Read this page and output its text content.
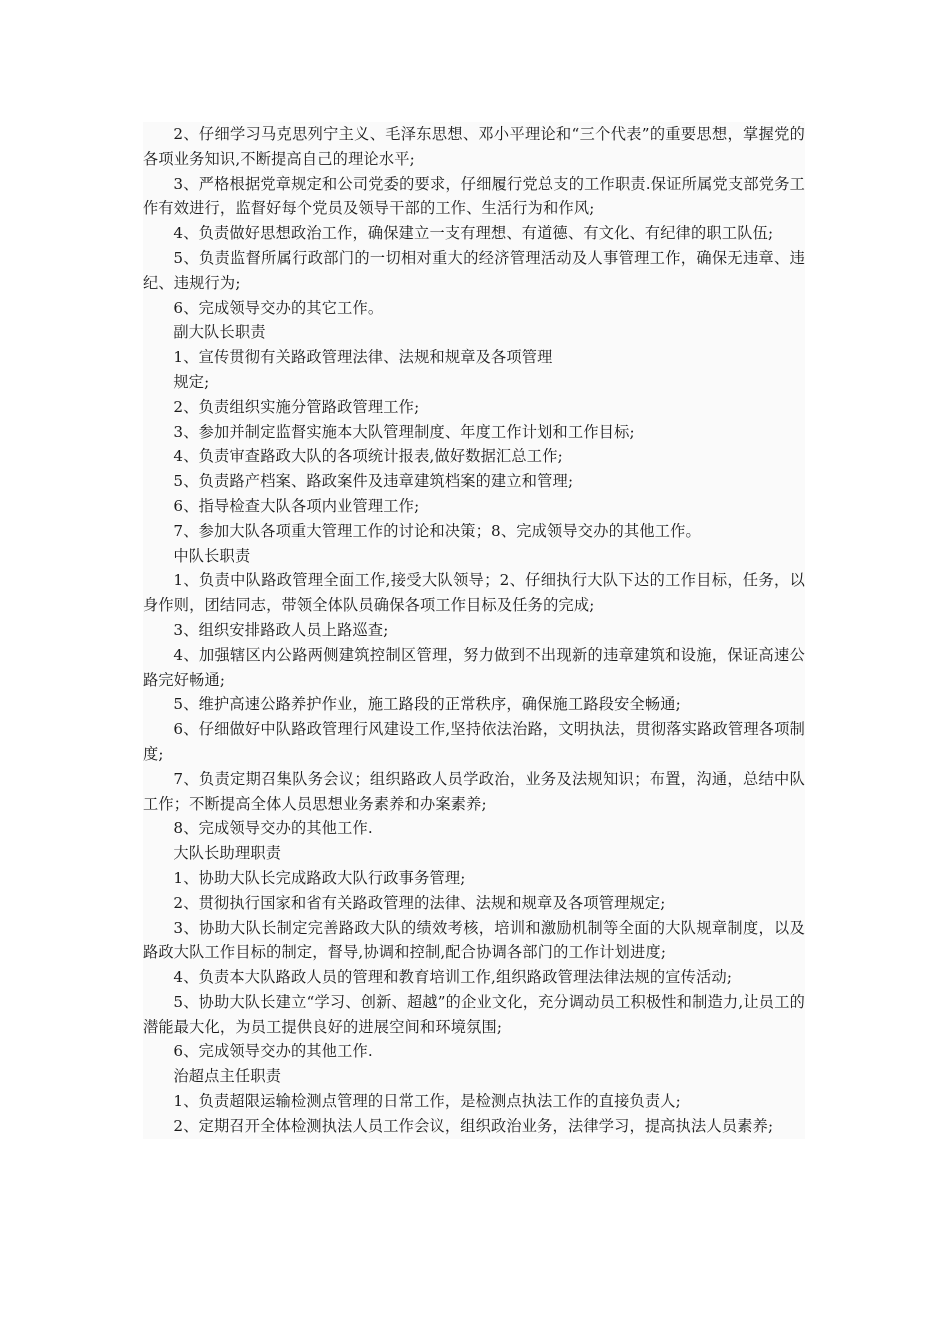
2、仔细学习马克思列宁主义、毛泽东思想、邓小平理论和“三个代表”的重要思想，掌握党的各项业务知识,不断提高自己的理论水平;

3、严格根据党章规定和公司党委的要求，仔细履行党总支的工作职责.保证所属党支部党务工作有效进行，监督好每个党员及领导干部的工作、生活行为和作风;

4、负责做好思想政治工作，确保建立一支有理想、有道德、有文化、有纪律的职工队伍;

5、负责监督所属行政部门的一切相对重大的经济管理活动及人事管理工作，确保无违章、违纪、违规行为;

6、完成领导交办的其它工作。

副大队长职责

1、宣传贯彻有关路政管理法律、法规和规章及各项管理

规定;

2、负责组织实施分管路政管理工作;

3、参加并制定监督实施本大队管理制度、年度工作计划和工作目标;

4、负责审查路政大队的各项统计报表,做好数据汇总工作;

5、负责路产档案、路政案件及违章建筑档案的建立和管理;

6、指导检查大队各项内业管理工作;

7、参加大队各项重大管理工作的讨论和决策；8、完成领导交办的其他工作。

中队长职责

1、负责中队路政管理全面工作,接受大队领导；2、仔细执行大队下达的工作目标，任务，以身作则，团结同志，带领全体队员确保各项工作目标及任务的完成;

3、组织安排路政人员上路巡查;

4、加强辖区内公路两侧建筑控制区管理，努力做到不出现新的违章建筑和设施，保证高速公路完好畅通;

5、维护高速公路养护作业，施工路段的正常秩序，确保施工路段安全畅通;

6、仔细做好中队路政管理行风建设工作,坚持依法治路，文明执法，贯彻落实路政管理各项制度;

7、负责定期召集队务会议；组织路政人员学政治，业务及法规知识；布置，沟通，总结中队工作；不断提高全体人员思想业务素养和办案素养;

8、完成领导交办的其他工作.

大队长助理职责

1、协助大队长完成路政大队行政事务管理;

2、贯彻执行国家和省有关路政管理的法律、法规和规章及各项管理规定;

3、协助大队长制定完善路政大队的绩效考核，培训和激励机制等全面的大队规章制度，以及路政大队工作目标的制定，督导,协调和控制,配合协调各部门的工作计划进度;

4、负责本大队路政人员的管理和教育培训工作,组织路政管理法律法规的宣传活动;

5、协助大队长建立“学习、创新、超越”的企业文化，充分调动员工积极性和制造力,让员工的潜能最大化，为员工提供良好的进展空间和环境氛围;

6、完成领导交办的其他工作.

治超点主任职责

1、负责超限运输检测点管理的日常工作，是检测点执法工作的直接负责人;

2、定期召开全体检测执法人员工作会议，组织政治业务，法律学习，提高执法人员素养;
